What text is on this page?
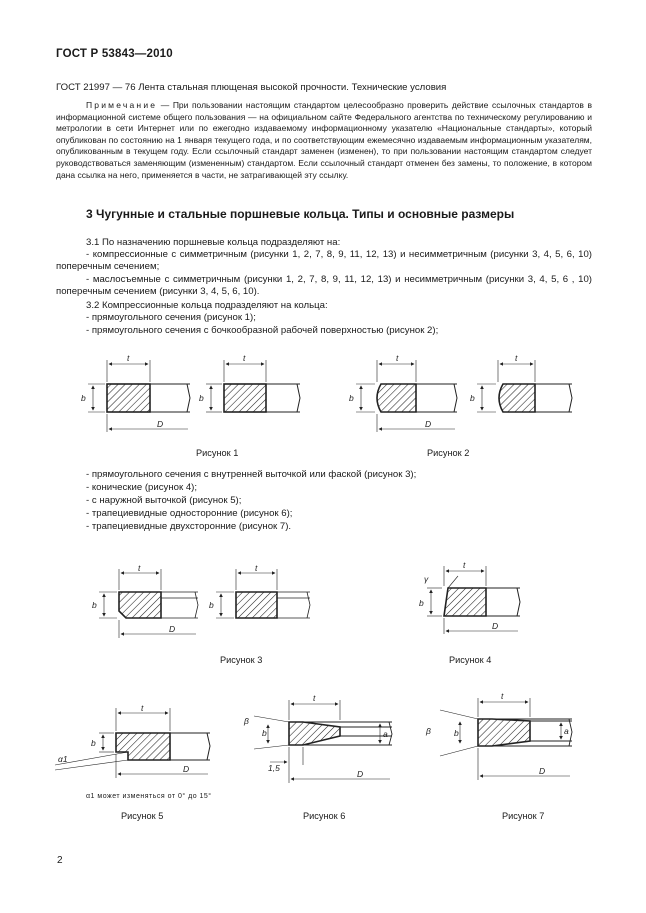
ГОСТ Р 53843—2010
ГОСТ 21997 — 76 Лента стальная плющеная высокой прочности. Технические условия
Примечание — При пользовании настоящим стандартом целесообразно проверить действие ссылочных стандартов в информационной системе общего пользования — на официальном сайте Федерального агентства по техническому регулированию и метрологии в сети Интернет или по ежегодно издаваемому информационному указателю «Национальные стандарты», который опубликован по состоянию на 1 января текущего года, и по соответствующим ежемесячно издаваемым информационным указателям, опубликованным в текущем году. Если ссылочный стандарт заменен (изменен), то при пользовании настоящим стандартом следует руководствоваться заменяющим (измененным) стандартом. Если ссылочный стандарт отменен без замены, то положение, в котором дана ссылка на него, применяется в части, не затрагивающей эту ссылку.
3 Чугунные и стальные поршневые кольца. Типы и основные размеры
3.1 По назначению поршневые кольца подразделяют на:
- компрессионные с симметричным (рисунки 1, 2, 7, 8, 9, 11, 12, 13) и несимметричным (рисунки 3, 4, 5, 6, 10) поперечным сечением;
- маслосъемные с симметричным (рисунки 1, 2, 7, 8, 9, 11, 12, 13) и несимметричным (рисунки 3, 4, 5, 6 , 10) поперечным сечением (рисунки 3, 4, 5, 6, 10).
3.2 Компрессионные кольца подразделяют на кольца:
- прямоугольного сечения (рисунок 1);
- прямоугольного сечения с бочкообразной рабочей поверхностью (рисунок 2);
- прямоугольного сечения с внутренней выточкой или фаской (рисунок 3);
- конические (рисунок 4);
- с наружной выточкой (рисунок 5);
- трапециевидные односторонние (рисунок 6);
- трапециевидные двухсторонние (рисунок 7).
t
b
D
t
b
t
b
D
t
b
t
b
D
t
b
t
γ
b
D
t
b
α1
D
t
β
b	a
1,5
D
t
β	b	a
D
Рисунок 1	Рисунок 2
Рисунок 3	Рисунок 4
α1 может изменяться от 0° до 15°
Рисунок 5	Рисунок 6	Рисунок 7
2
